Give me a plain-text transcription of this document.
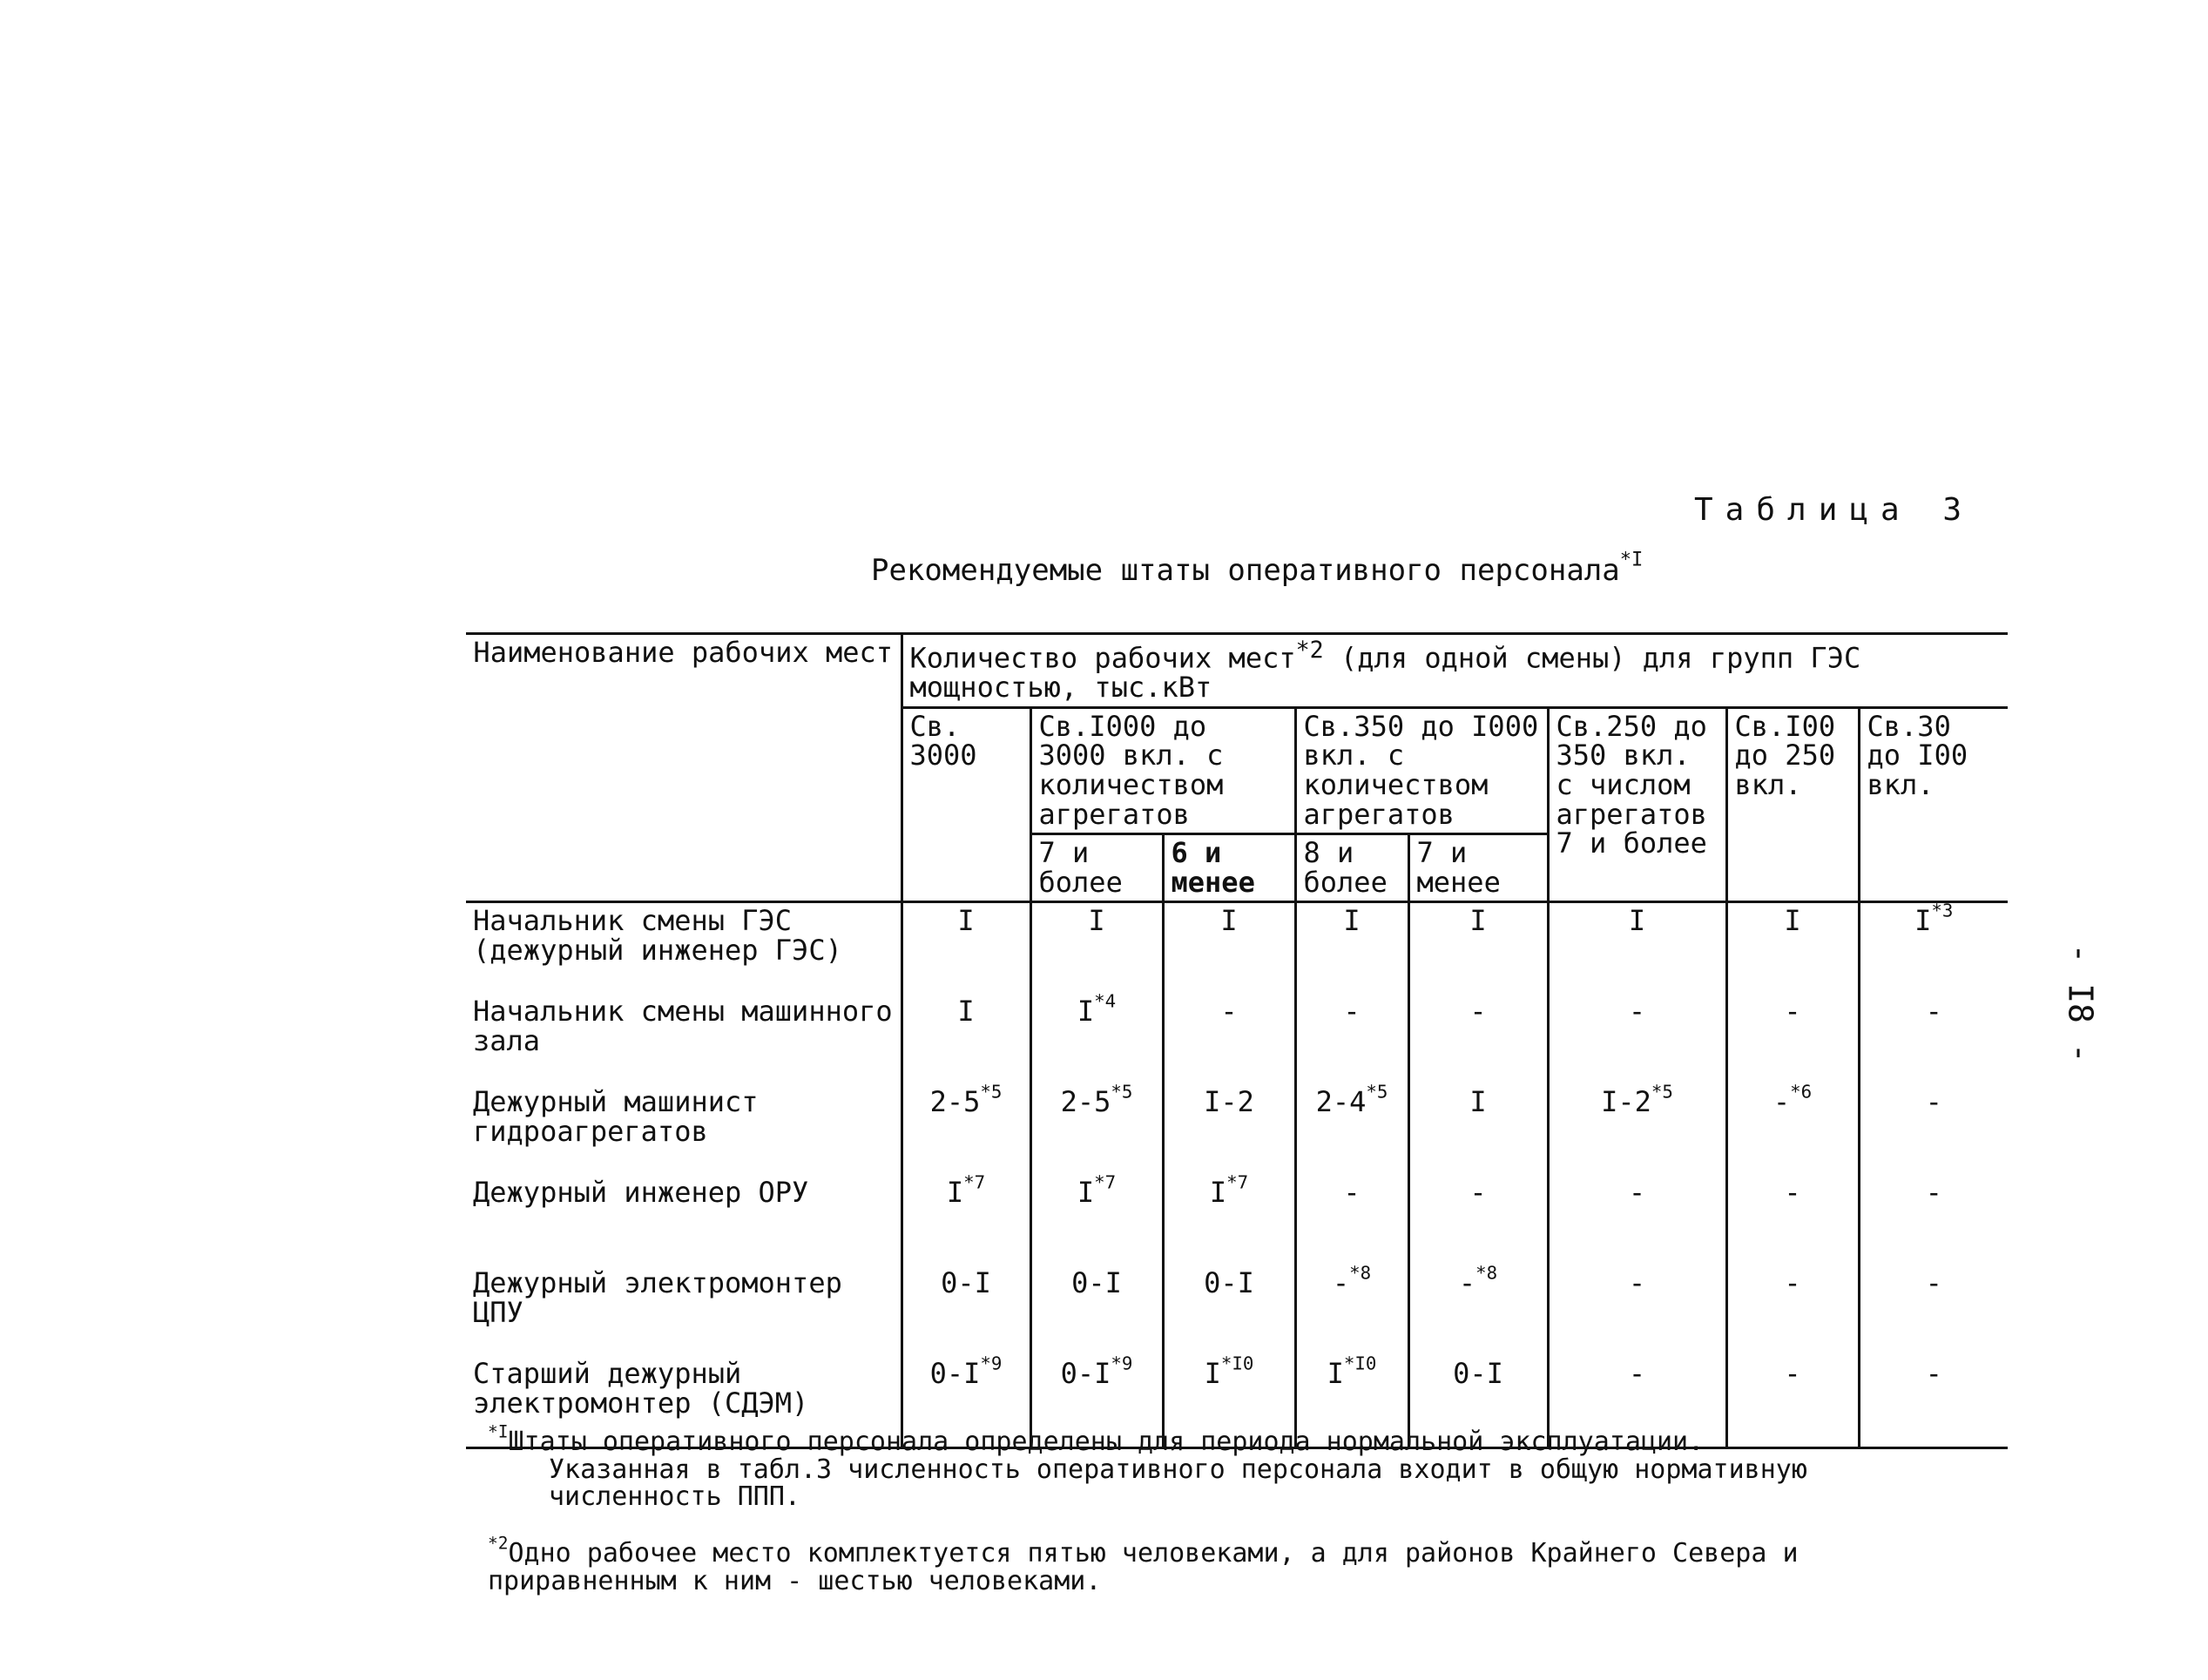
- I8 -
Таблица 3
Рекомендуемые штаты оперативного персонала$^{*I}$
Наименование рабочих мест	Количество рабочих мест$^{*2}$ (для одной смены) для групп ГЭС мощностью, тыс.кВт							
	Св. 3000	Св.I000 до 3000 вкл. с количеством агрегатов		Св.350 до I000 вкл. с количеством агрегатов		Св.250 до 350 вкл. с числом агрегатов 7 и более	Св.I00 до 250 вкл.	Св.30 до I00 вкл.
		7 и более	6 и менее					
				8 и более	7 и менее			
Начальник смены ГЭС (дежурный инженер ГЭС)	I	I	I	I	I	I	I	$I^{*3}$
Начальник смены машинного зала	I	$I^{*4}$	-	-	-	-	-	-
Дежурный машинист гидроагрегатов	2-5$^{*5}$	2-5$^{*5}$	I-2	2-4$^{*5}$	I	I-2$^{*5}$	-$^{*6}$	-
Дежурный инженер ОРУ	$I^{*7}$	$I^{*7}$	$I^{*7}$	-	-	-	-	-
Дежурный электромонтер ЦПУ	0-I	0-I	0-I	-$^{*8}$	-$^{*8}$	-	-	-
Старший дежурный электромонтер (СДЭМ)	$0-I^{*9}$	$0-I^{*9}$	$I^{*I0}$	$I^{*I0}$	0-I	-	-	-

$^{*I}$Штаты оперативного персонала определены для периода нормальной эксплуатации.

Указанная в табл.3 численность оперативного персонала входит в общую нормативную численность ППП.

$^{*2}$Одно рабочее место комплектуется пятью человеками, а для районов Крайнего Севера и приравненным к ним - шестью человеками.
